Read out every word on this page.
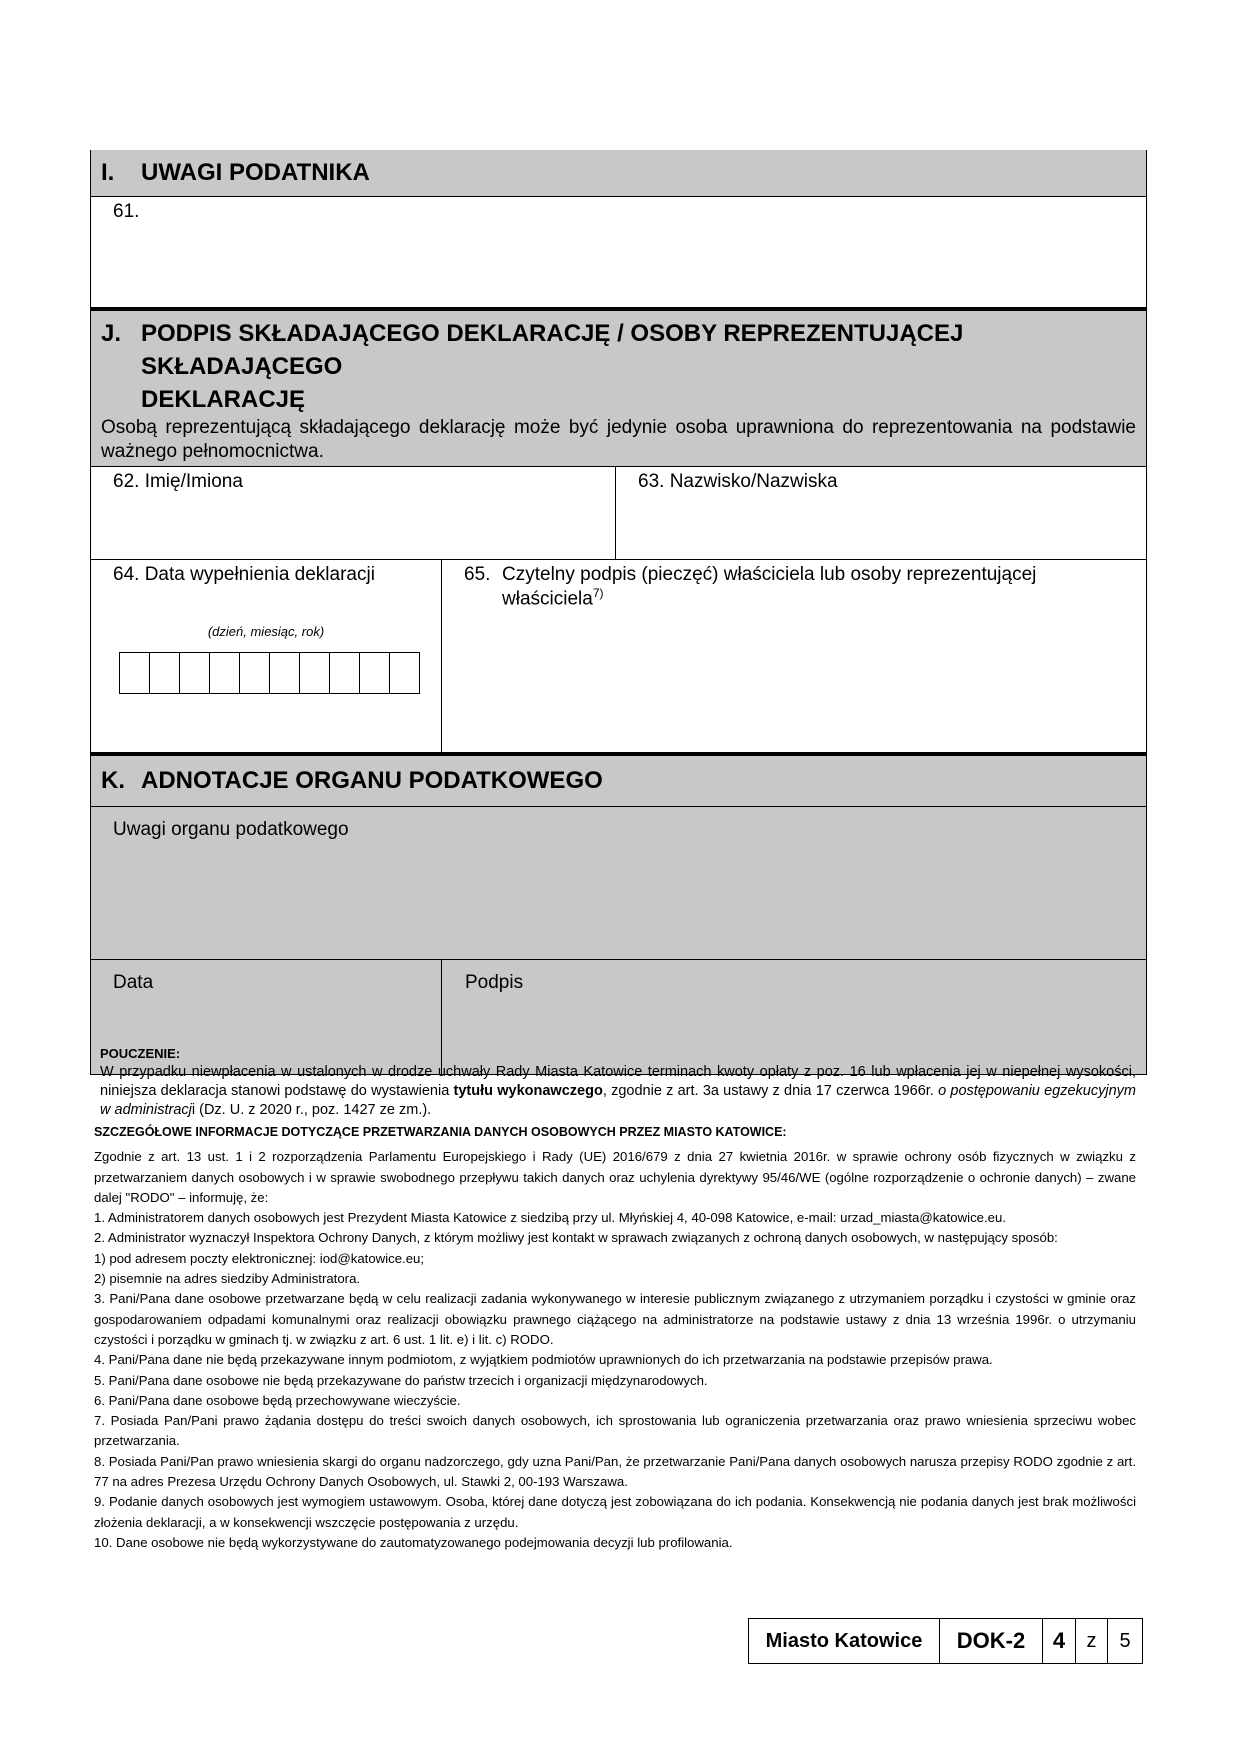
I.	UWAGI PODATNIKA
61.
J. PODPIS SKŁADAJĄCEGO DEKLARACJĘ / OSOBY REPREZENTUJĄCEJ SKŁADAJĄCEGO
DEKLARACJĘ
Osobą reprezentującą składającego deklarację może być jedynie osoba uprawniona do reprezentowania na podstawie ważnego pełnomocnictwa.
62. Imię/Imiona	63. Nazwisko/Nazwiska
64. Data wypełnienia deklaracji
(dzień, miesiąc, rok)
65. Czytelny podpis (pieczęć) właściciela lub osoby reprezentującej właściciela$^{7)}$
K. ADNOTACJE ORGANU PODATKOWEGO
Uwagi organu podatkowego
Data	Podpis
POUCZENIE:
W przypadku niewpłacenia w ustalonych w drodze uchwały Rady Miasta Katowice terminach kwoty opłaty z poz. 16 lub wpłacenia jej w niepełnej wysokości, niniejsza deklaracja stanowi podstawę do wystawienia tytułu wykonawczego, zgodnie z art. 3a ustawy z dnia 17 czerwca 1966r. o postępowaniu egzekucyjnym w administracji (Dz. U. z 2020 r., poz. 1427 ze zm.).
SZCZEGÓŁOWE INFORMACJE DOTYCZĄCE PRZETWARZANIA DANYCH OSOBOWYCH PRZEZ MIASTO KATOWICE:

Zgodnie z art. 13 ust. 1 i 2 rozporządzenia Parlamentu Europejskiego i Rady (UE) 2016/679 z dnia 27 kwietnia 2016r. w sprawie ochrony osób fizycznych w związku z przetwarzaniem danych osobowych i w sprawie swobodnego przepływu takich danych oraz uchylenia dyrektywy 95/46/WE (ogólne rozporządzenie o ochronie danych) – zwane dalej "RODO" – informuję, że:

1. Administratorem danych osobowych jest Prezydent Miasta Katowice z siedzibą przy ul. Młyńskiej 4, 40-098 Katowice, e-mail: urzad_miasta@katowice.eu.

2. Administrator wyznaczył Inspektora Ochrony Danych, z którym możliwy jest kontakt w sprawach związanych z ochroną danych osobowych, w następujący sposób:

1) pod adresem poczty elektronicznej: iod@katowice.eu;

2) pisemnie na adres siedziby Administratora.

3. Pani/Pana dane osobowe przetwarzane będą w celu realizacji zadania wykonywanego w interesie publicznym związanego z utrzymaniem porządku i czystości w gminie oraz gospodarowaniem odpadami komunalnymi oraz realizacji obowiązku prawnego ciążącego na administratorze na podstawie ustawy z dnia 13 września 1996r. o utrzymaniu czystości i porządku w gminach tj. w związku z art. 6 ust. 1 lit. e) i lit. c) RODO.

4. Pani/Pana dane nie będą przekazywane innym podmiotom, z wyjątkiem podmiotów uprawnionych do ich przetwarzania na podstawie przepisów prawa.

5. Pani/Pana dane osobowe nie będą przekazywane do państw trzecich i organizacji międzynarodowych.

6. Pani/Pana dane osobowe będą przechowywane wieczyście.

7. Posiada Pan/Pani prawo żądania dostępu do treści swoich danych osobowych, ich sprostowania lub ograniczenia przetwarzania oraz prawo wniesienia sprzeciwu wobec przetwarzania.

8. Posiada Pani/Pan prawo wniesienia skargi do organu nadzorczego, gdy uzna Pani/Pan, że przetwarzanie Pani/Pana danych osobowych narusza przepisy RODO zgodnie z art. 77 na adres Prezesa Urzędu Ochrony Danych Osobowych, ul. Stawki 2, 00-193 Warszawa.

9. Podanie danych osobowych jest wymogiem ustawowym. Osoba, której dane dotyczą jest zobowiązana do ich podania. Konsekwencją nie podania danych jest brak możliwości złożenia deklaracji, a w konsekwencji wszczęcie postępowania z urzędu.

10. Dane osobowe nie będą wykorzystywane do zautomatyzowanego podejmowania decyzji lub profilowania.

Miasto Katowice	DOK-2	4	z	5
